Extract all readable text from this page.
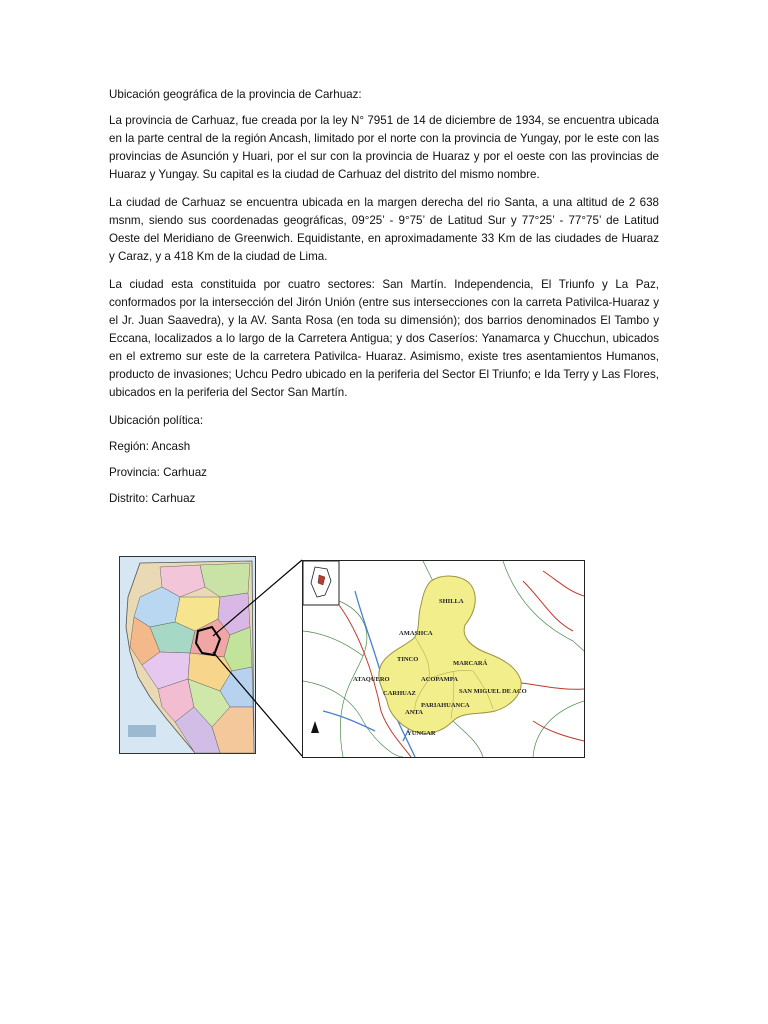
Ubicación geográfica de la provincia de Carhuaz:

La provincia de Carhuaz, fue creada por la ley N° 7951 de 14 de diciembre de 1934, se encuentra ubicada en la parte central de la región Ancash, limitado por el norte con la provincia de Yungay, por le este con las provincias de Asunción y Huari, por el sur con la provincia de Huaraz y por el oeste con las provincias de Huaraz y Yungay. Su capital es la ciudad de Carhuaz del distrito del mismo nombre.

La ciudad de Carhuaz se encuentra ubicada en la margen derecha del rio Santa, a una altitud de 2 638 msnm, siendo sus coordenadas geográficas, 09°25’ - 9°75’ de Latitud Sur y 77°25’ - 77°75’ de Latitud Oeste del Meridiano de Greenwich. Equidistante, en aproximadamente 33 Km de las ciudades de Huaraz y Caraz, y a 418 Km de la ciudad de Lima.

La ciudad esta constituida por cuatro sectores: San Martín. Independencia, El Triunfo y La Paz, conformados por la intersección del Jirón Unión (entre sus intersecciones con la carreta Pativilca-Huaraz y el Jr. Juan Saavedra), y la AV. Santa Rosa (en toda su dimensión); dos barrios denominados El Tambo y Eccana, localizados a lo largo de la Carretera Antigua; y dos Caseríos: Yanamarca y Chucchun, ubicados en el extremo sur este de la carretera Pativilca- Huaraz. Asimismo, existe tres asentamientos Humanos, producto de invasiones; Uchcu Pedro ubicado en la periferia del Sector El Triunfo; e Ida Terry y Las Flores, ubicados en la periferia del Sector San Martín.

Ubicación política:

Región: Ancash

Provincia: Carhuaz

Distrito: Carhuaz

SHILLA
AMASHCA
TINCO
MARCARÁ
ATAQUERO	ACOPAMPA
CARHUAZ	SAN MIGUEL DE ACO
PARIAHUANCA
ANTA
YUNGAR
